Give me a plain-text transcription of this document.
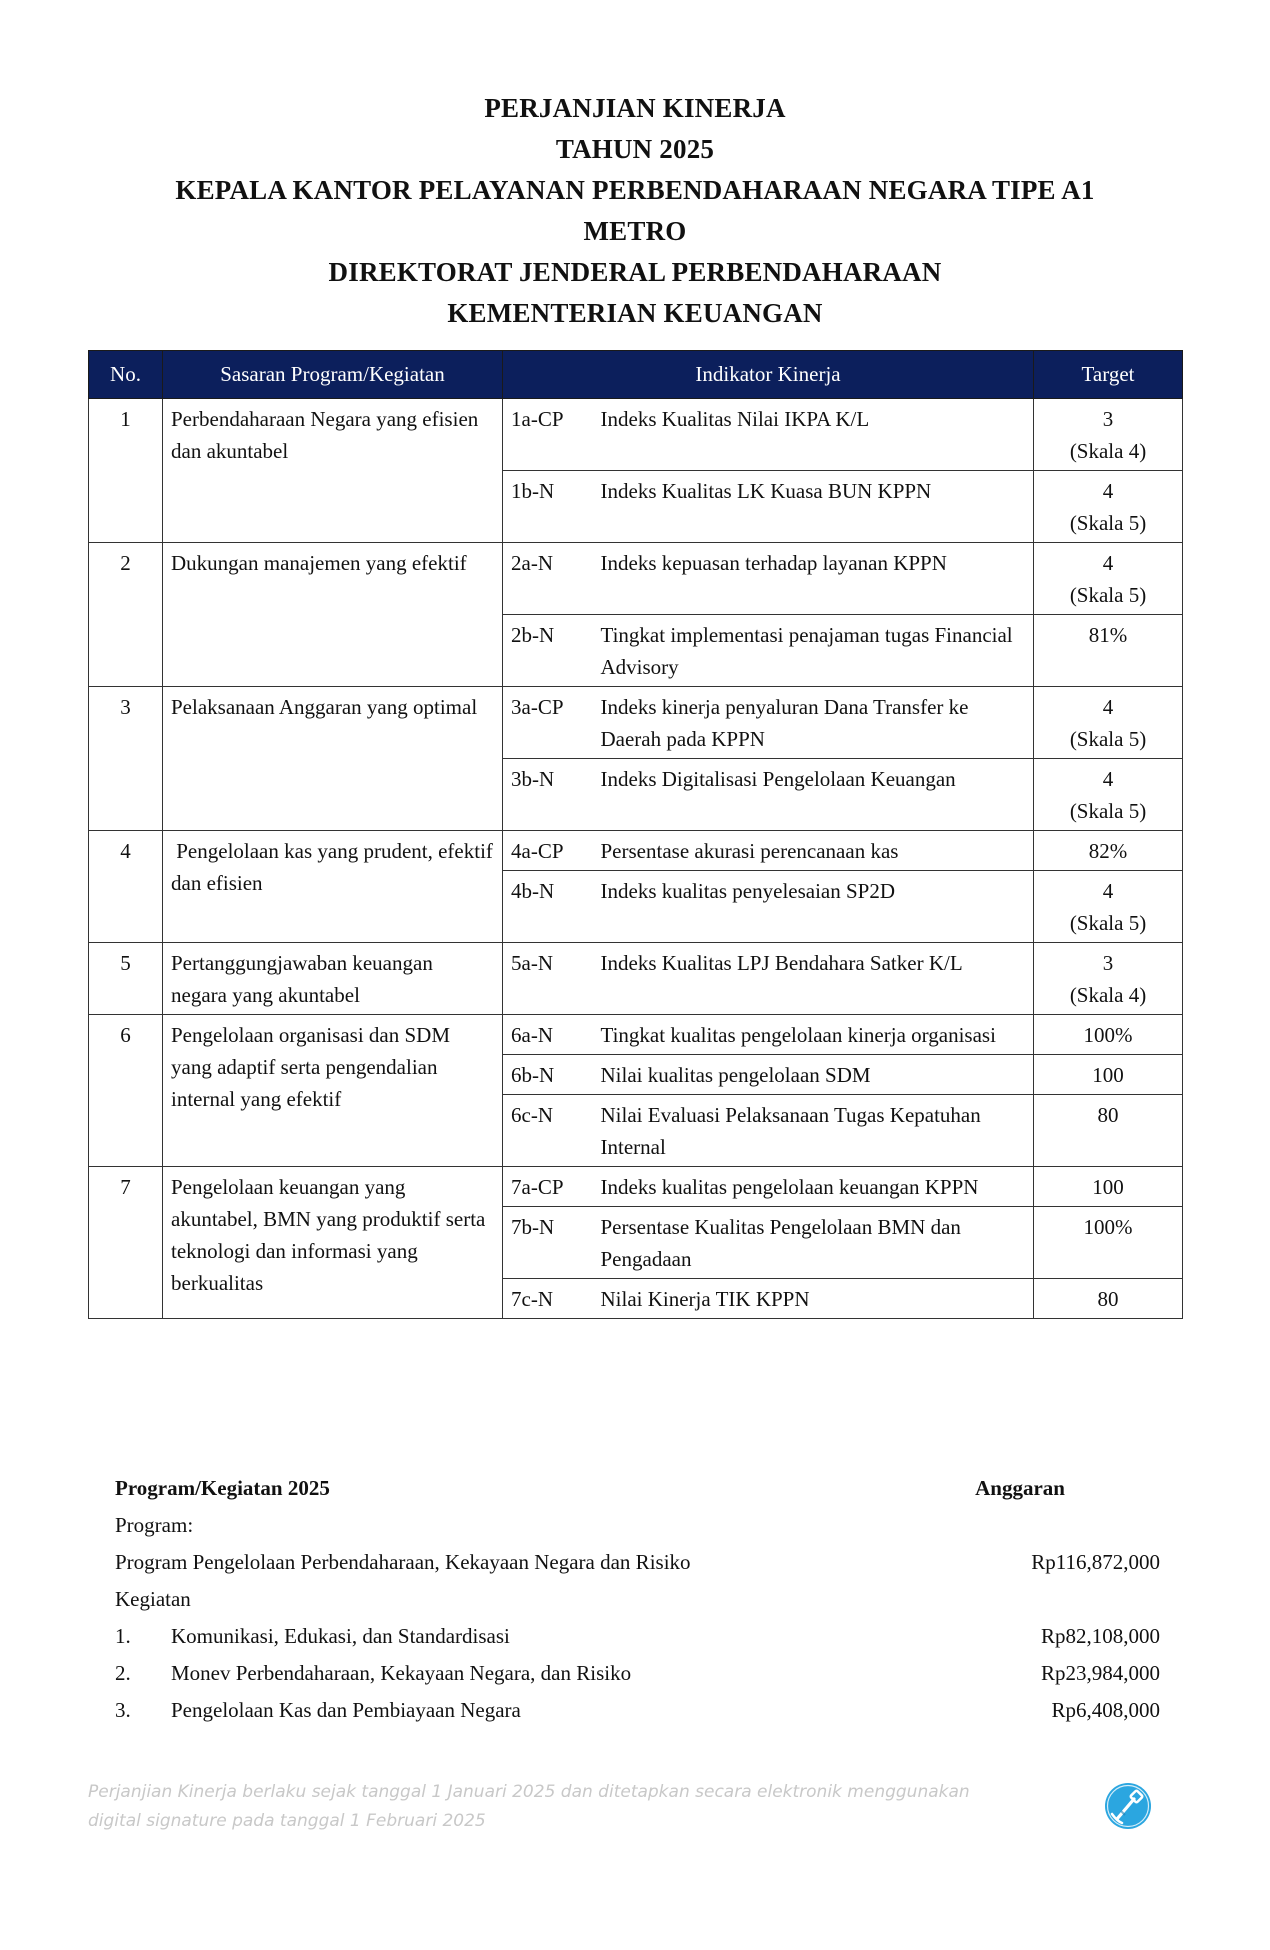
PERJANJIAN KINERJA
TAHUN 2025
KEPALA KANTOR PELAYANAN PERBENDAHARAAN NEGARA TIPE A1
METRO
DIREKTORAT JENDERAL PERBENDAHARAAN
KEMENTERIAN KEUANGAN
No.	Sasaran Program/Kegiatan	Indikator Kinerja		Target
1	Perbendaharaan Negara yang efisien dan akuntabel	1a-CP	Indeks Kualitas Nilai IKPA K/L	3
(Skala 4)

		1b-N	Indeks Kualitas LK Kuasa BUN KPPN	4
(Skala 5)

2	Dukungan manajemen yang efektif	2a-N	Indeks kepuasan terhadap layanan KPPN	4
(Skala 5)

		2b-N	Tingkat implementasi penajaman tugas Financial Advisory	81%

3	Pelaksanaan Anggaran yang optimal	3a-CP	Indeks kinerja penyaluran Dana Transfer ke Daerah pada KPPN	4
(Skala 5)

		3b-N	Indeks Digitalisasi Pengelolaan Keuangan	4
(Skala 5)

4	Pengelolaan kas yang prudent, efektif dan efisien	4a-CP	Persentase akurasi perencanaan kas	82%

		4b-N	Indeks kualitas penyelesaian SP2D	4
(Skala 5)

5	Pertanggungjawaban keuangan negara yang akuntabel	5a-N	Indeks Kualitas LPJ Bendahara Satker K/L	3
(Skala 4)

6	Pengelolaan organisasi dan SDM yang adaptif serta pengendalian internal yang efektif	6a-N	Tingkat kualitas pengelolaan kinerja organisasi	100%

		6b-N	Nilai kualitas pengelolaan SDM	100

		6c-N	Nilai Evaluasi Pelaksanaan Tugas Kepatuhan Internal	80

7	Pengelolaan keuangan yang akuntabel, BMN yang produktif serta teknologi dan informasi yang berkualitas	7a-CP	Indeks kualitas pengelolaan keuangan KPPN	100

		7b-N	Persentase Kualitas Pengelolaan BMN dan Pengadaan	100%

		7c-N	Nilai Kinerja TIK KPPN	80
Program/Kegiatan 2025	Anggaran
Program:
Program Pengelolaan Perbendaharaan, Kekayaan Negara dan Risiko	Rp116,872,000
Kegiatan
1. Komunikasi, Edukasi, dan Standardisasi	Rp82,108,000
2. Monev Perbendaharaan, Kekayaan Negara, dan Risiko	Rp23,984,000
3. Pengelolaan Kas dan Pembiayaan Negara	Rp6,408,000
Perjanjian Kinerja berlaku sejak tanggal 1 Januari 2025 dan ditetapkan secara elektronik menggunakan
digital signature pada tanggal 1 Februari 2025
